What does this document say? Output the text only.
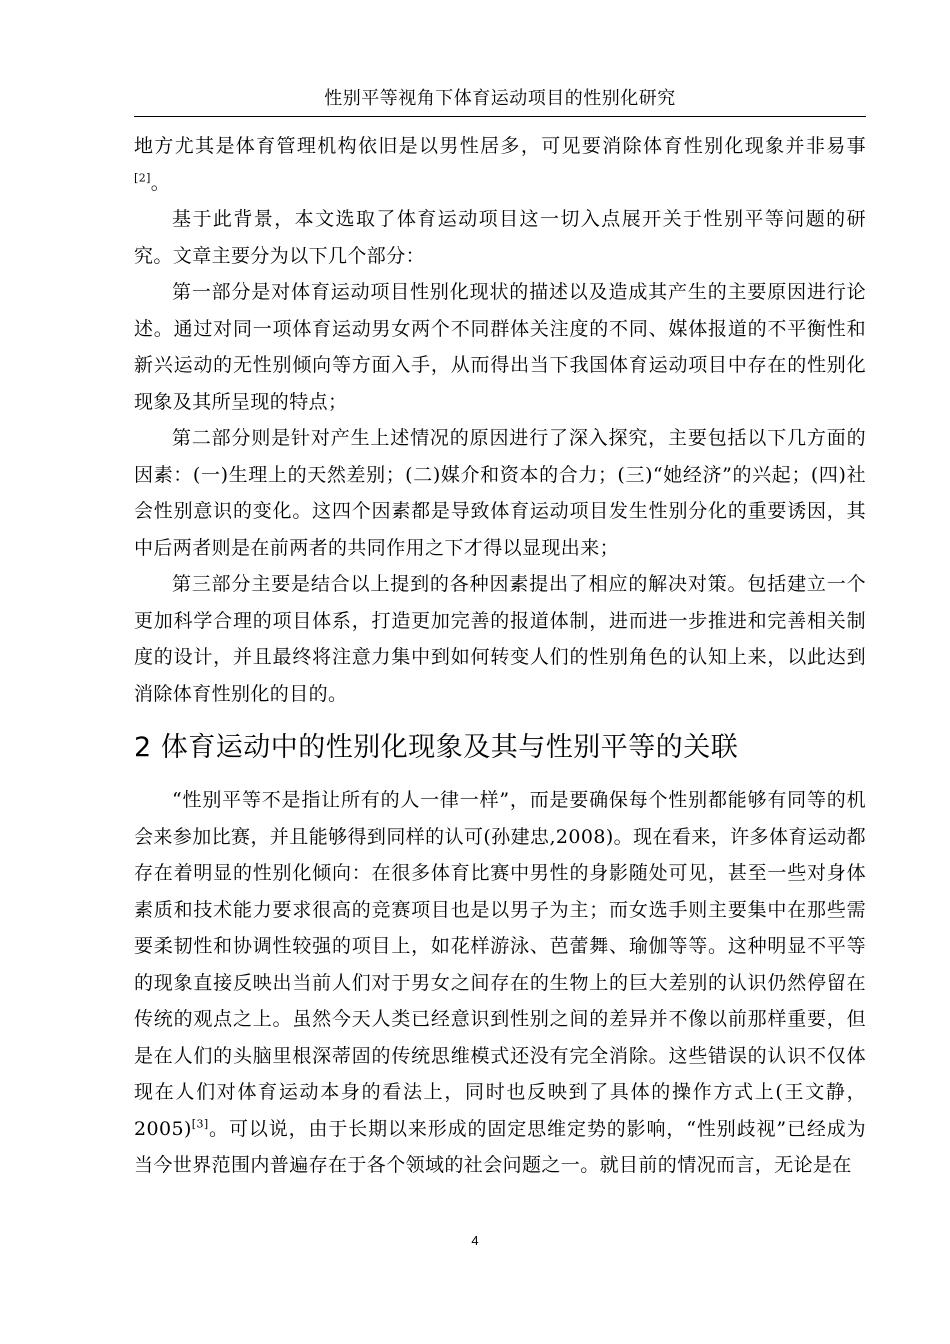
性别平等视角下体育运动项目的性别化研究

地方尤其是体育管理机构依旧是以男性居多，可见要消除体育性别化现象并非易事[2]。

基于此背景，本文选取了体育运动项目这一切入点展开关于性别平等问题的研究。文章主要分为以下几个部分：

第一部分是对体育运动项目性别化现状的描述以及造成其产生的主要原因进行论述。通过对同一项体育运动男女两个不同群体关注度的不同、媒体报道的不平衡性和新兴运动的无性别倾向等方面入手，从而得出当下我国体育运动项目中存在的性别化现象及其所呈现的特点；

第二部分则是针对产生上述情况的原因进行了深入探究，主要包括以下几方面的因素：(一)生理上的天然差别；(二)媒介和资本的合力；(三)“她经济”的兴起；(四)社会性别意识的变化。这四个因素都是导致体育运动项目发生性别分化的重要诱因，其中后两者则是在前两者的共同作用之下才得以显现出来；

第三部分主要是结合以上提到的各种因素提出了相应的解决对策。包括建立一个更加科学合理的项目体系，打造更加完善的报道体制，进而进一步推进和完善相关制度的设计，并且最终将注意力集中到如何转变人们的性别角色的认知上来，以此达到消除体育性别化的目的。

2 体育运动中的性别化现象及其与性别平等的关联

“性别平等不是指让所有的人一律一样”，而是要确保每个性别都能够有同等的机会来参加比赛，并且能够得到同样的认可(孙建忠,2008)。现在看来，许多体育运动都存在着明显的性别化倾向：在很多体育比赛中男性的身影随处可见，甚至一些对身体素质和技术能力要求很高的竞赛项目也是以男子为主；而女选手则主要集中在那些需要柔韧性和协调性较强的项目上，如花样游泳、芭蕾舞、瑜伽等等。这种明显不平等的现象直接反映出当前人们对于男女之间存在的生物上的巨大差别的认识仍然停留在传统的观点之上。虽然今天人类已经意识到性别之间的差异并不像以前那样重要，但是在人们的头脑里根深蒂固的传统思维模式还没有完全消除。这些错误的认识不仅体现在人们对体育运动本身的看法上，同时也反映到了具体的操作方式上(王文静，2005)[3]。可以说，由于长期以来形成的固定思维定势的影响，“性别歧视”已经成为当今世界范围内普遍存在于各个领域的社会问题之一。就目前的情况而言，无论是在

4
